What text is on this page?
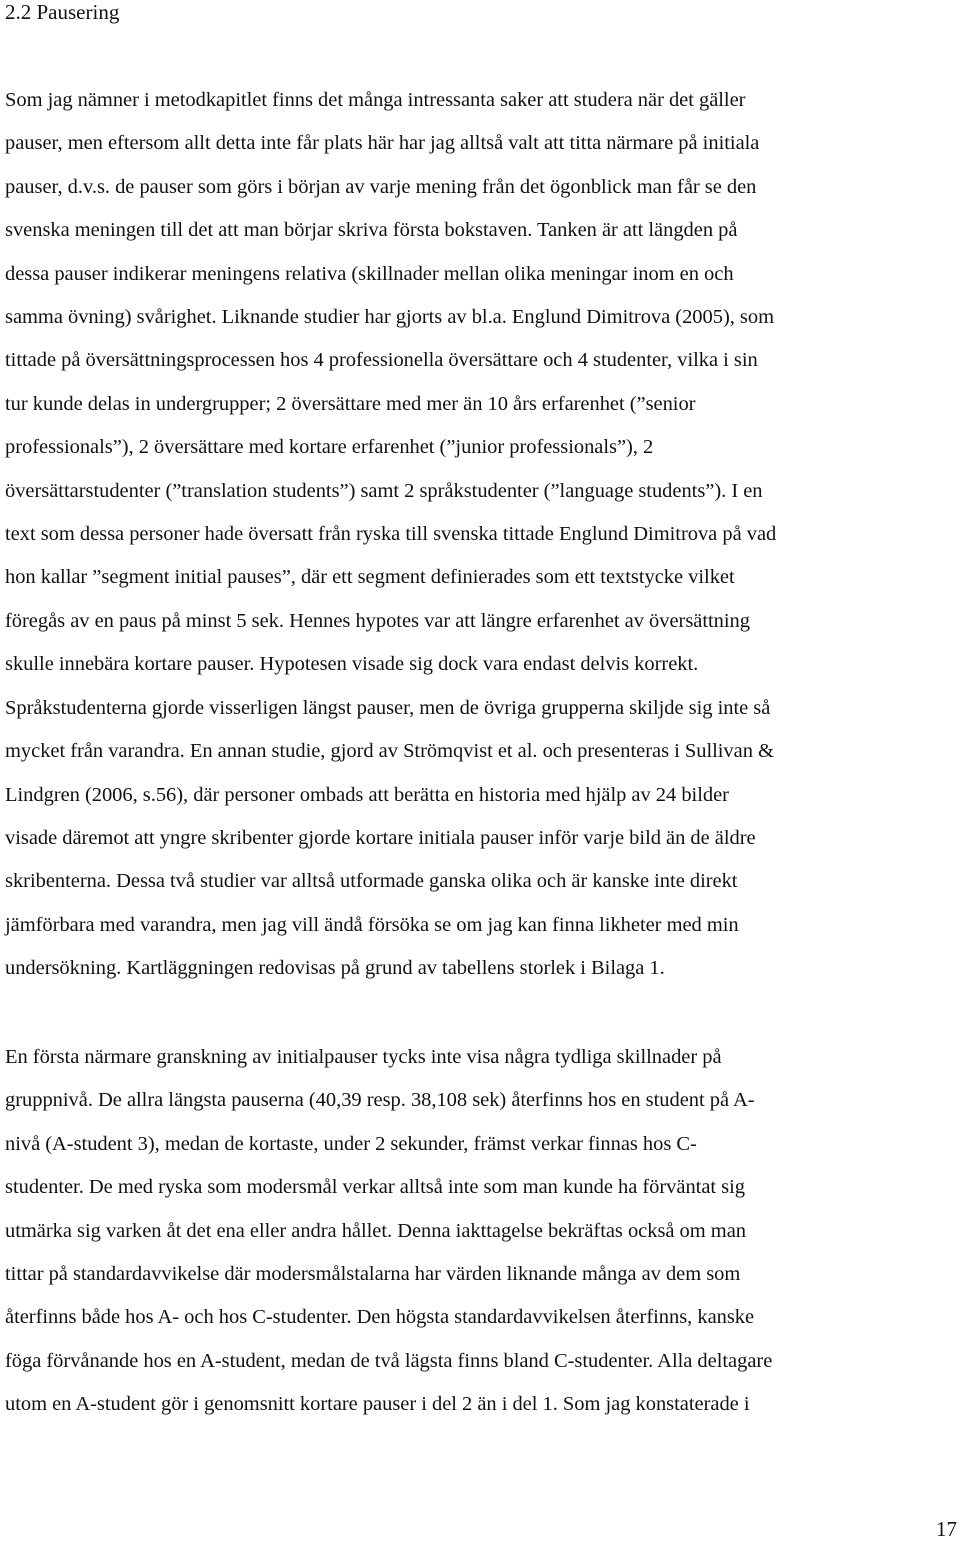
2.2 Pausering

Som jag nämner i metodkapitlet finns det många intressanta saker att studera när det gäller
pauser, men eftersom allt detta inte får plats här har jag alltså valt att titta närmare på initiala
pauser, d.v.s. de pauser som görs i början av varje mening från det ögonblick man får se den
svenska meningen till det att man börjar skriva första bokstaven. Tanken är att längden på
dessa pauser indikerar meningens relativa (skillnader mellan olika meningar inom en och
samma övning) svårighet. Liknande studier har gjorts av bl.a. Englund Dimitrova (2005), som
tittade på översättningsprocessen hos 4 professionella översättare och 4 studenter, vilka i sin
tur kunde delas in undergrupper; 2 översättare med mer än 10 års erfarenhet (”senior
professionals”), 2 översättare med kortare erfarenhet (”junior professionals”), 2
översättarstudenter (”translation students”) samt 2 språkstudenter (”language students”). I en
text som dessa personer hade översatt från ryska till svenska tittade Englund Dimitrova på vad
hon kallar ”segment initial pauses”, där ett segment definierades som ett textstycke vilket
föregås av en paus på minst 5 sek. Hennes hypotes var att längre erfarenhet av översättning
skulle innebära kortare pauser. Hypotesen visade sig dock vara endast delvis korrekt.
Språkstudenterna gjorde visserligen längst pauser, men de övriga grupperna skiljde sig inte så
mycket från varandra. En annan studie, gjord av Strömqvist et al. och presenteras i Sullivan &
Lindgren (2006, s.56), där personer ombads att berätta en historia med hjälp av 24 bilder
visade däremot att yngre skribenter gjorde kortare initiala pauser inför varje bild än de äldre
skribenterna. Dessa två studier var alltså utformade ganska olika och är kanske inte direkt
jämförbara med varandra, men jag vill ändå försöka se om jag kan finna likheter med min
undersökning. Kartläggningen redovisas på grund av tabellens storlek i Bilaga 1.

En första närmare granskning av initialpauser tycks inte visa några tydliga skillnader på
gruppnivå. De allra längsta pauserna (40,39 resp. 38,108 sek) återfinns hos en student på A-
nivå (A-student 3), medan de kortaste, under 2 sekunder, främst verkar finnas hos C-
studenter. De med ryska som modersmål verkar alltså inte som man kunde ha förväntat sig
utmärka sig varken åt det ena eller andra hållet. Denna iakttagelse bekräftas också om man
tittar på standardavvikelse där modersmålstalarna har värden liknande många av dem som
återfinns både hos A- och hos C-studenter. Den högsta standardavvikelsen återfinns, kanske
föga förvånande hos en A-student, medan de två lägsta finns bland C-studenter. Alla deltagare
utom en A-student gör i genomsnitt kortare pauser i del 2 än i del 1. Som jag konstaterade i

17
